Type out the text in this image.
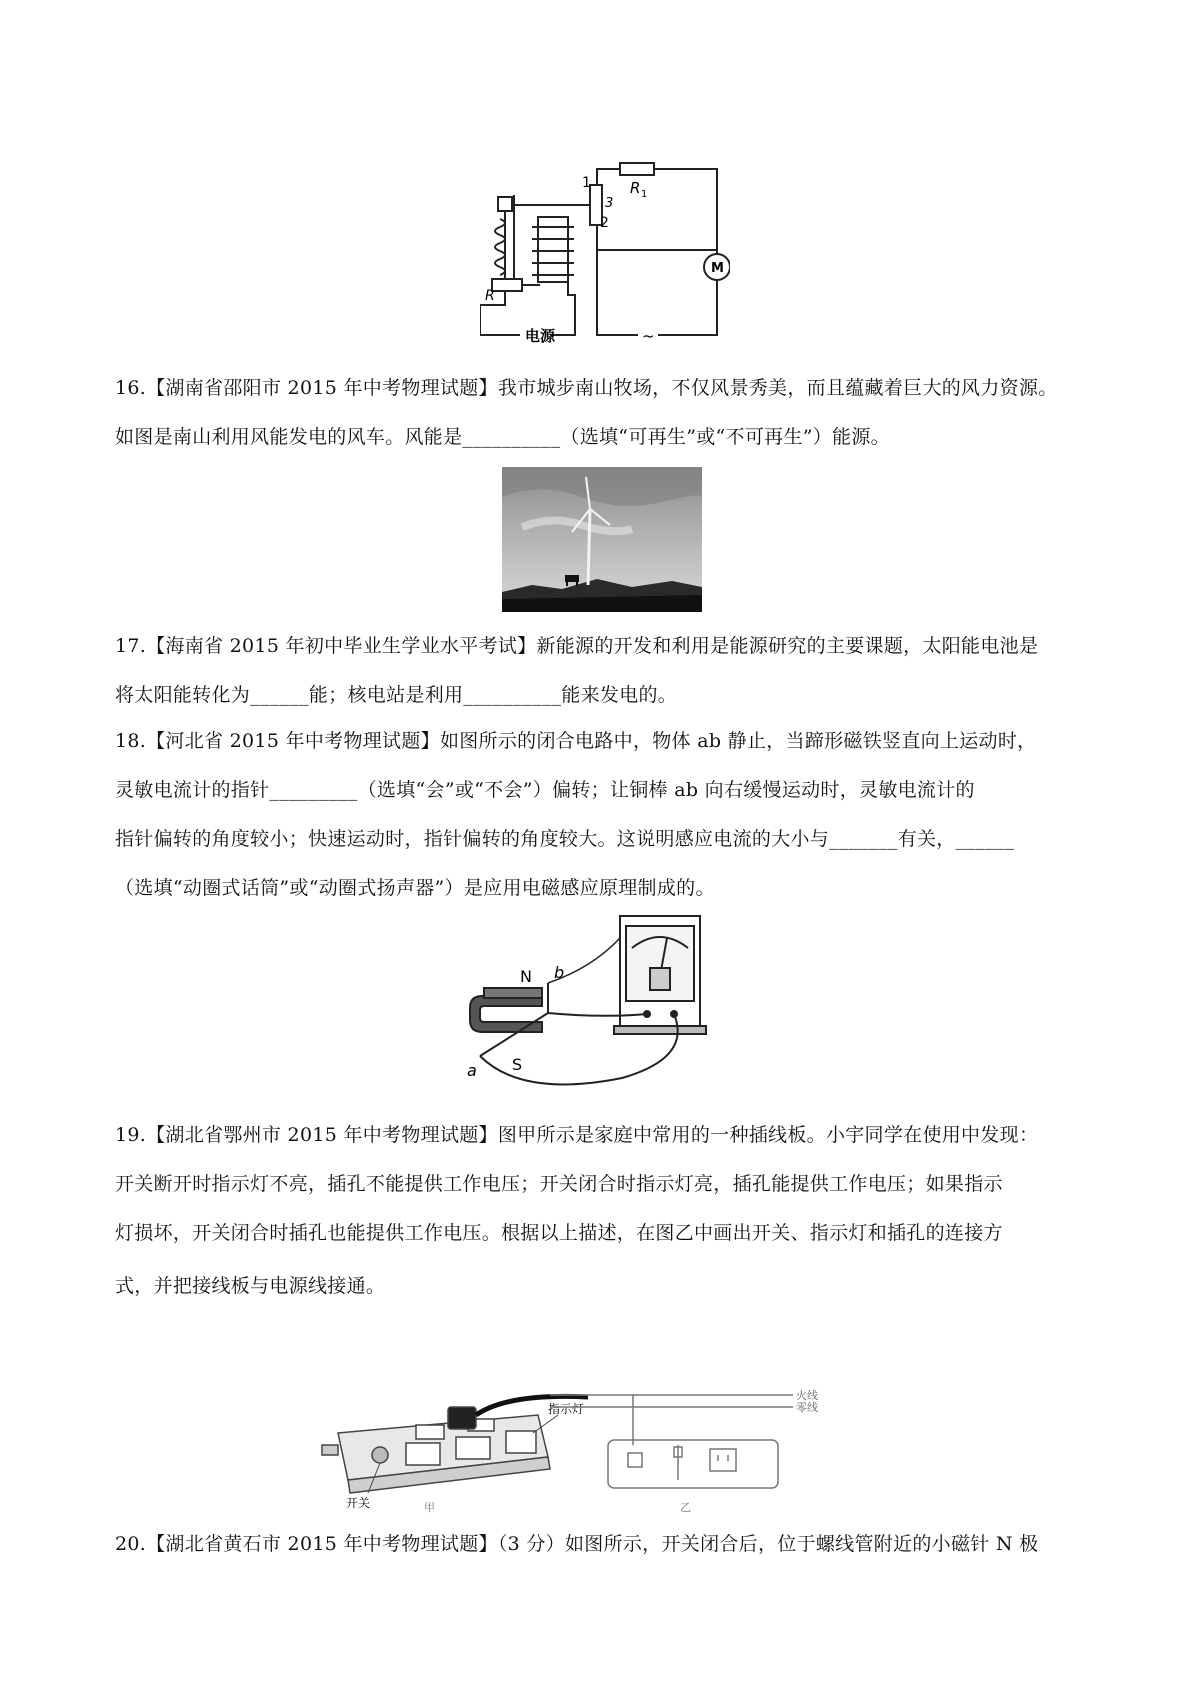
1
3
2
R 1
R
电源	~
M

16.【湖南省邵阳市 2015 年中考物理试题】我市城步南山牧场，不仅风景秀美，而且蕴藏着巨大的风力资源。
如图是南山利用风能发电的风车。风能是__________（选填“可再生”或“不可再生”）能源。

17.【海南省 2015 年初中毕业生学业水平考试】新能源的开发和利用是能源研究的主要课题，太阳能电池是
将太阳能转化为______能；核电站是利用__________能来发电的。

18.【河北省 2015 年中考物理试题】如图所示的闭合电路中，物体 ab 静止，当蹄形磁铁竖直向上运动时，
灵敏电流计的指针_________（选填“会”或“不会”）偏转；让铜棒 ab 向右缓慢运动时，灵敏电流计的
指针偏转的角度较小；快速运动时，指针偏转的角度较大。这说明感应电流的大小与_______有关，______
（选填“动圈式话筒”或“动圈式扬声器”）是应用电磁感应原理制成的。

N
S
a
b

19.【湖北省鄂州市 2015 年中考物理试题】图甲所示是家庭中常用的一种插线板。小宇同学在使用中发现：
开关断开时指示灯不亮，插孔不能提供工作电压；开关闭合时指示灯亮，插孔能提供工作电压；如果指示
灯损坏，开关闭合时插孔也能提供工作电压。根据以上描述，在图乙中画出开关、指示灯和插孔的连接方

式，并把接线板与电源线接通。

指示灯
开关	甲
火线
零线
乙

20.【湖北省黄石市 2015 年中考物理试题】（3 分）如图所示，开关闭合后，位于螺线管附近的小磁针 N 极
